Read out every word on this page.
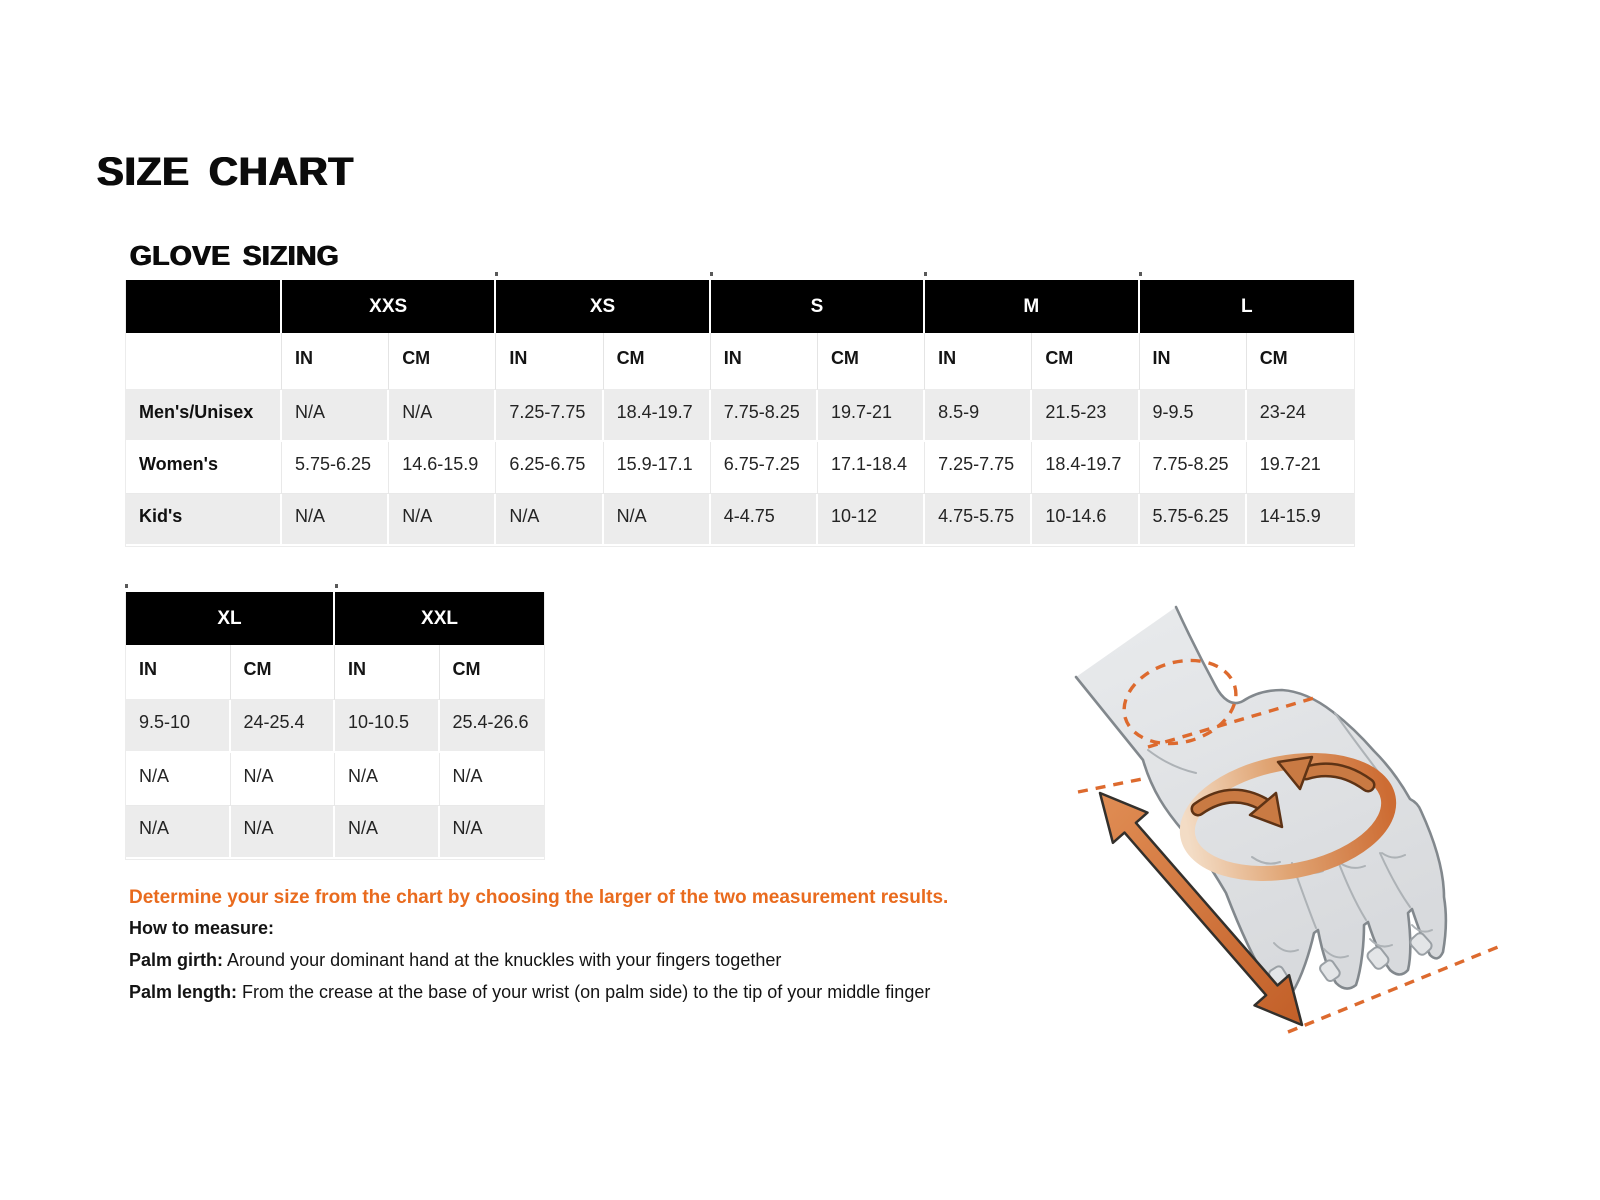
SIZE CHART
GLOVE SIZING
	XXS		XS		S		M		L	
	IN	CM	IN	CM	IN	CM	IN	CM	IN	CM
Men's/Unisex	N/A	N/A	7.25-7.75	18.4-19.7	7.75-8.25	19.7-21	8.5-9	21.5-23	9-9.5	23-24
Women's	5.75-6.25	14.6-15.9	6.25-6.75	15.9-17.1	6.75-7.25	17.1-18.4	7.25-7.75	18.4-19.7	7.75-8.25	19.7-21
Kid's	N/A	N/A	N/A	N/A	4-4.75	10-12	4.75-5.75	10-14.6	5.75-6.25	14-15.9
XL		XXL	
IN	CM	IN	CM
9.5-10	24-25.4	10-10.5	25.4-26.6
N/A	N/A	N/A	N/A
N/A	N/A	N/A	N/A

Determine your size from the chart by choosing the larger of the two measurement results.

How to measure:

Palm girth: Around your dominant hand at the knuckles with your fingers together

Palm length: From the crease at the base of your wrist (on palm side) to the tip of your middle finger
